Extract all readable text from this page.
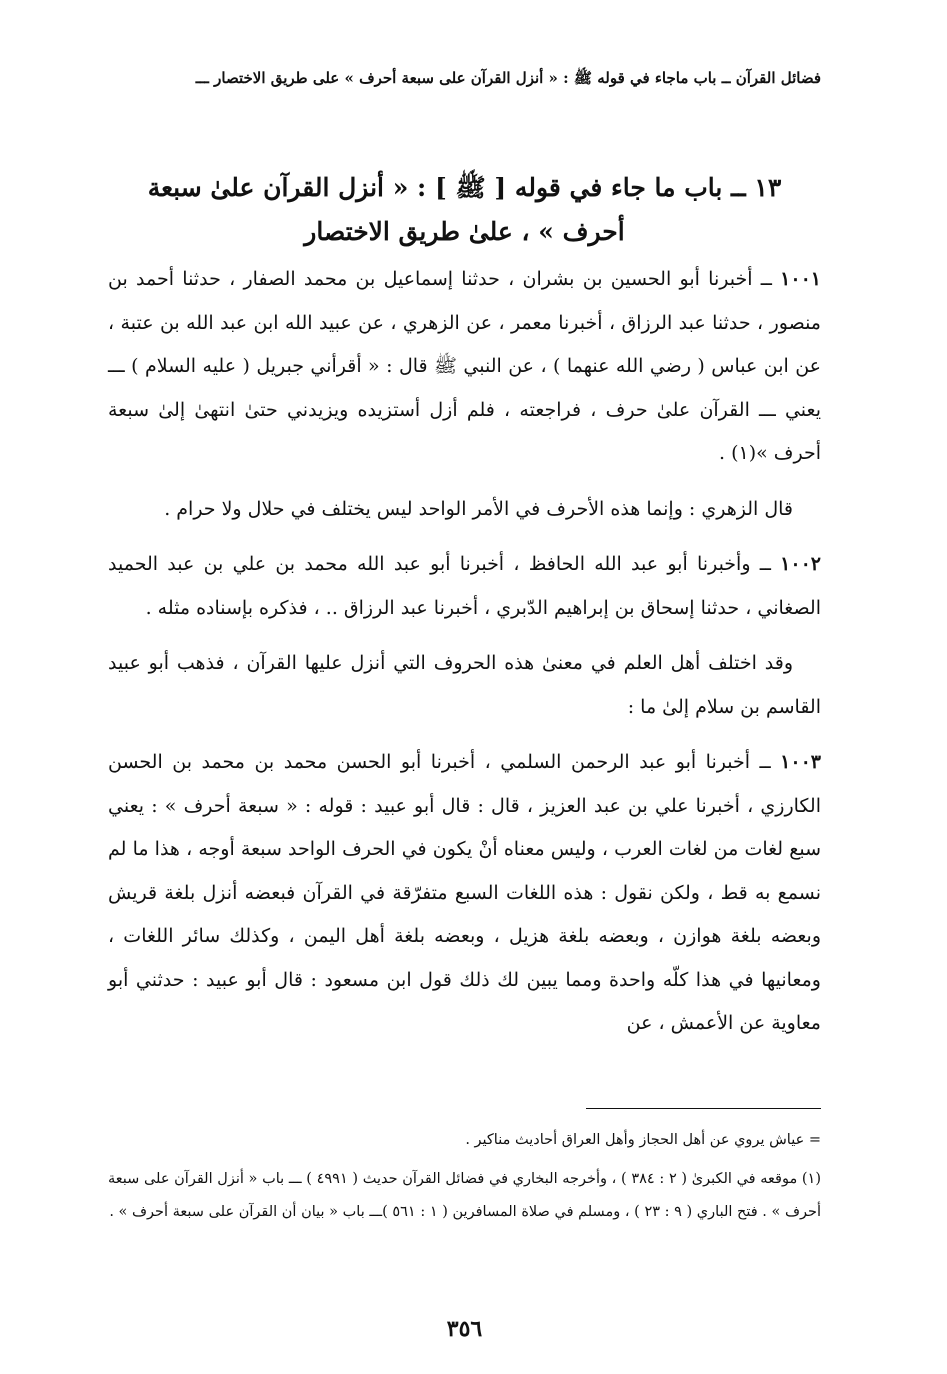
فضائل القرآن ــ باب ماجاء في قوله ﷺ : « أنزل القرآن على سبعة أحرف » على طريق الاختصار ـــ
١٣ ــ باب ما جاء في قوله [ ﷺ ] : « أنزل القرآن علىٰ سبعة
أحرف » ، علىٰ طريق الاختصار

١٠٠١ ــ أخبرنا أبو الحسين بن بشران ، حدثنا إسماعيل بن محمد الصفار ، حدثنا أحمد بن منصور ، حدثنا عبد الرزاق ، أخبرنا معمر ، عن الزهري ، عن عبيد الله ابن عبد الله بن عتبة ، عن ابن عباس ( رضي الله عنهما ) ، عن النبي ﷺ قال : « أقرأني جبريل ( عليه السلام ) ـــ يعني ـــ القرآن علىٰ حرف ، فراجعته ، فلم أزل أستزيده ويزيدني حتىٰ انتهىٰ إلىٰ سبعة أحرف »(١) .

قال الزهري : وإنما هذه الأحرف في الأمر الواحد ليس يختلف في حلال ولا حرام .

١٠٠٢ ــ وأخبرنا أبو عبد الله الحافظ ، أخبرنا أبو عبد الله محمد بن علي بن عبد الحميد الصغاني ، حدثنا إسحاق بن إبراهيم الدّبري ، أخبرنا عبد الرزاق .. ، فذكره بإسناده مثله .

وقد اختلف أهل العلم في معنىٰ هذه الحروف التي أنزل عليها القرآن ، فذهب أبو عبيد القاسم بن سلام إلىٰ ما :

١٠٠٣ ــ أخبرنا أبو عبد الرحمن السلمي ، أخبرنا أبو الحسن محمد بن محمد بن الحسن الكارزي ، أخبرنا علي بن عبد العزيز ، قال : قال أبو عبيد : قوله : « سبعة أحرف » : يعني سبع لغات من لغات العرب ، وليس معناه أنْ يكون في الحرف الواحد سبعة أوجه ، هذا ما لم نسمع به قط ، ولكن نقول : هذه اللغات السبع متفرّقة في القرآن فبعضه أنزل بلغة قريش وبعضه بلغة هوازن ، وبعضه بلغة هزيل ، وبعضه بلغة أهل اليمن ، وكذلك سائر اللغات ، ومعانيها في هذا كلّه واحدة ومما يبين لك ذلك قول ابن مسعود : قال أبو عبيد : حدثني أبو معاوية عن الأعمش ، عن

= عياش يروي عن أهل الحجاز وأهل العراق أحاديث مناكير .

(١) موقعه في الكبرىٰ ( ٢ : ٣٨٤ ) ، وأخرجه البخاري في فضائل القرآن حديث ( ٤٩٩١ ) ـــ باب « أنزل القرآن على سبعة أحرف » . فتح الباري ( ٩ : ٢٣ ) ، ومسلم في صلاة المسافرين ( ١ : ٥٦١ )ـــ باب « بيان أن القرآن على سبعة أحرف » .

٣٥٦
